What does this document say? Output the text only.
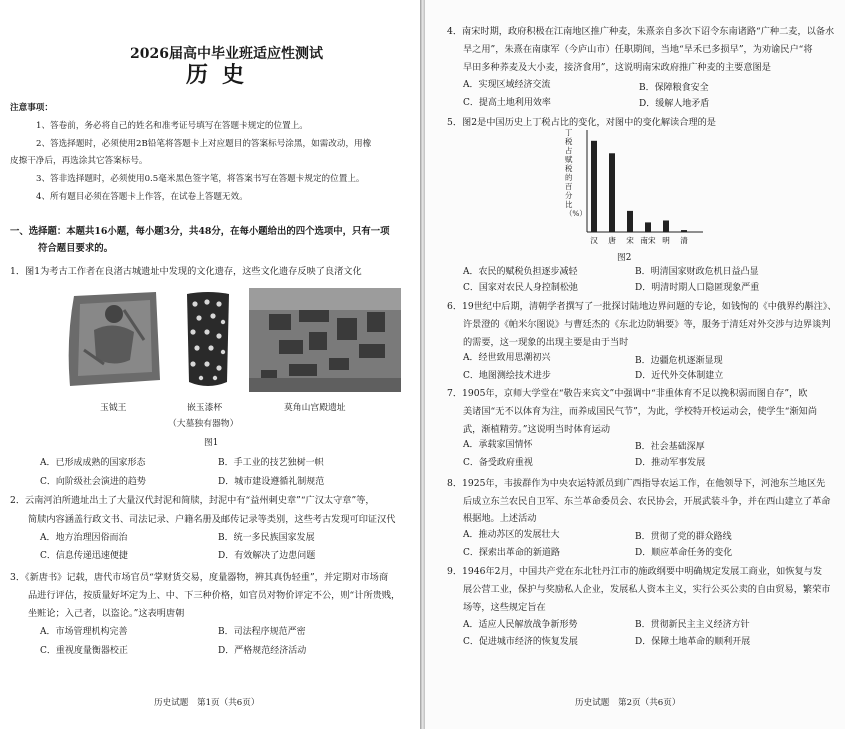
2026届高中毕业班适应性测试
历史
注意事项：
1、答卷前，务必将自己的姓名和准考证号填写在答题卡规定的位置上。
2、答选择题时，必须使用2B铅笔将答题卡上对应题目的答案标号涂黑，如需改动，用橡
皮擦干净后，再选涂其它答案标号。
3、答非选择题时，必须使用0.5毫米黑色签字笔，将答案书写在答题卡规定的位置上。
4、所有题目必须在答题卡上作答，在试卷上答题无效。
一、选择题：本题共16小题，每小题3分，共48分，在每小题给出的四个选项中，只有一项
符合题目要求的。
1．图1为考古工作者在良渚古城遗址中发现的文化遗存，这些文化遗存反映了良渚文化
玉钺王	嵌玉漆杯
（大墓独有器物）
莫角山宫殿遗址
图1
A．已形成成熟的国家形态	B．手工业的技艺独树一帜
C．向阶级社会演进的趋势	D．城市建设遵循礼制规范
2．云南河泊所遗址出土了大量汉代封泥和简牍，封泥中有“益州刺史章”“广汉太守章”等，
简牍内容涵盖行政文书、司法记录、户籍名册及邮传记录等类别，这些考古发现可印证汉代
A．地方治理因俗而治	B．统一多民族国家发展
C．信息传递迅速便捷	D．有效解决了边患问题
3．《新唐书》记载，唐代市场官员“掌财货交易，度量器物，辨其真伪轻重”，并定期对市场商
品进行评估，按质量好坏定为上、中、下三种价格，如官员对物价评定不公，则“计所贵贱，
坐赃论；入己者，以盗论。”这表明唐朝
A．市场管理机构完善	B．司法程序规范严密
C．重视度量衡器校正	D．严格规范经济活动
历史试题　第1页（共6页）
4．南宋时期，政府积极在江南地区推广种麦，朱熹亲自多次下诏令东南诸路“广种二麦，以备水
旱之用”，朱熹在南康军（今庐山市）任职期间，当地“旱禾已多损早”，为劝谕民户“将
早田多种荞麦及大小麦，接济食用”，这说明南宋政府推广种麦的主要意图是
A．实现区域经济交流	B．保障粮食安全
C．提高土地利用效率	D．缓解人地矛盾
5．图2是中国历史上丁税占比的变化，对图中的变化解读合理的是
丁税占赋税的百分比（%）
汉 唐 宋 南宋 明 清
图2
A．农民的赋税负担逐步减轻	B．明清国家财政危机日益凸显
C．国家对农民人身控制松弛	D．明清时期人口隐匿现象严重
6．19世纪中后期，清朝学者撰写了一批探讨陆地边界问题的专论，如钱恂的《中俄界约斠注》、
许景澄的《帕米尔图说》与曹廷杰的《东北边防辑要》等，服务于清廷对外交涉与边界谈判
的需要，这一现象的出现主要是由于当时
A．经世致用思潮初兴	B．边疆危机逐渐显现
C．地图测绘技术进步	D．近代外交体制建立
7．1905年，京师大学堂在“敬告来宾文”中强调中“非重体育不足以挽积弱而图自存”，欧
美诸国“无不以体育为注，而养成国民气节”，为此，学校特开校运动会，使学生“渐知尚
武，渐植精劳。”这说明当时体育运动
A．承载家国情怀	B．社会基础深厚
C．备受政府重视	D．推动军事发展
8．1925年，韦拔群作为中央农运特派员到广西指导农运工作，在他领导下，河池东兰地区先
后成立东兰农民自卫军、东兰革命委员会、农民协会，开展武装斗争，并在西山建立了革命
根据地。上述活动
A．推动苏区的发展壮大	B．贯彻了党的群众路线
C．探索出革命的新道路	D．顺应革命任务的变化
9．1946年2月，中国共产党在东北牡丹江市的施政纲要中明确规定发展工商业，如恢复与发
展公营工业，保护与奖励私人企业，发展私人资本主义，实行公买公卖的自由贸易，繁荣市
场等，这些规定旨在
A．适应人民解放战争新形势	B．贯彻新民主主义经济方针
C．促进城市经济的恢复发展	D．保障土地革命的顺利开展
历史试题　第2页（共6页）
